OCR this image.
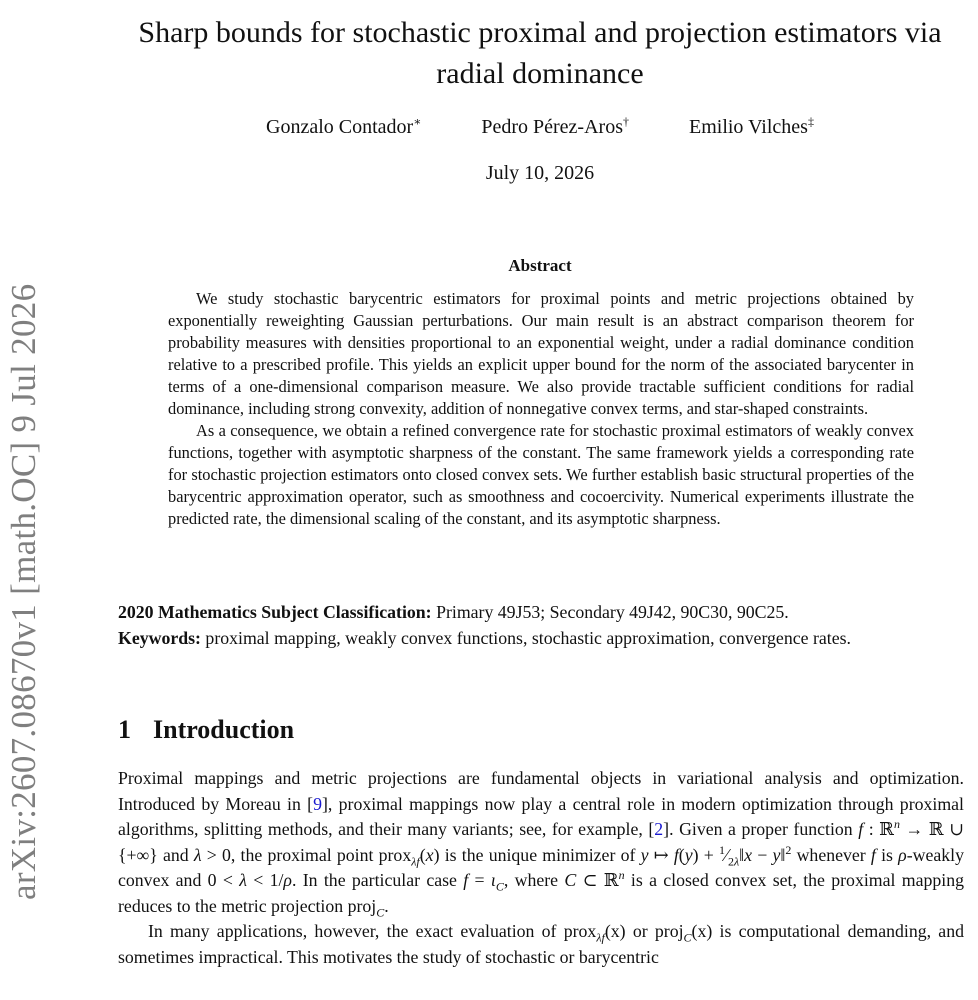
arXiv:2607.08670v1 [math.OC] 9 Jul 2026
Sharp bounds for stochastic proximal and projection estimators via radial dominance
Gonzalo Contador∗	Pedro Pérez-Aros†	Emilio Vilches‡
July 10, 2026
Abstract

We study stochastic barycentric estimators for proximal points and metric projections obtained by exponentially reweighting Gaussian perturbations. Our main result is an abstract comparison theorem for probability measures with densities proportional to an exponential weight, under a radial dominance condition relative to a prescribed profile. This yields an explicit upper bound for the norm of the associated barycenter in terms of a one-dimensional comparison measure. We also provide tractable sufficient conditions for radial dominance, including strong convexity, addition of nonnegative convex terms, and star-shaped constraints.

As a consequence, we obtain a refined convergence rate for stochastic proximal estimators of weakly convex functions, together with asymptotic sharpness of the constant. The same framework yields a corresponding rate for stochastic projection estimators onto closed convex sets. We further establish basic structural properties of the barycentric approximation operator, such as smoothness and cocoercivity. Numerical experiments illustrate the predicted rate, the dimensional scaling of the constant, and its asymptotic sharpness.

2020 Mathematics Subject Classification: Primary 49J53; Secondary 49J42, 90C30, 90C25.

Keywords: proximal mapping, weakly convex functions, stochastic approximation, convergence rates.

1 Introduction

Proximal mappings and metric projections are fundamental objects in variational analysis and optimization. Introduced by Moreau in [9], proximal mappings now play a central role in modern optimization through proximal algorithms, splitting methods, and their many variants; see, for example, [2]. Given a proper function f : ℝ$^n$ → ℝ ∪ {+∞} and λ > 0, the proximal point prox$_{\lambda f}$(x) is the unique minimizer of y ↦ $f(y) + ^1⁄_{2\lambda}‖x$ − y‖$^2$ whenever f is ρ-weakly convex and 0 < λ < 1/ρ. In the particular case $f = \iota_C$, where C ⊂ ℝ$^n$ is a closed convex set, the proximal mapping reduces to the metric projection proj$_C$.

In many applications, however, the exact evaluation of prox$_{\lambda f}$(x) or proj$_C$(x) is computational demanding, and sometimes impractical. This motivates the study of stochastic or barycentric
